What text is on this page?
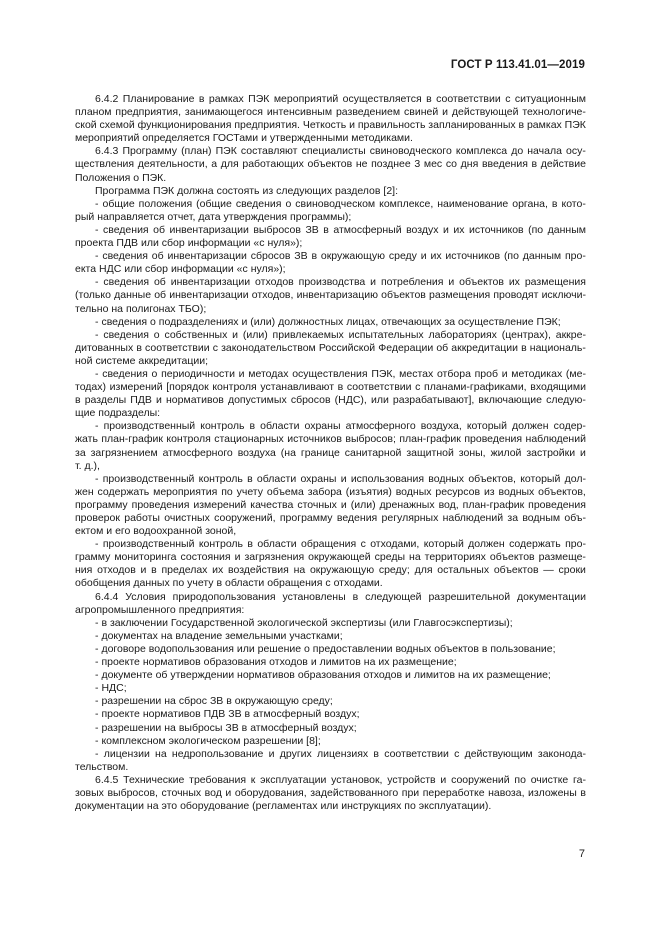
ГОСТ Р 113.41.01—2019
6.4.2 Планирование в рамках ПЭК мероприятий осуществляется в соответствии с ситуационным
планом предприятия, занимающегося интенсивным разведением свиней и действующей технологиче-
ской схемой функционирования предприятия. Четкость и правильность запланированных в рамках ПЭК
мероприятий определяется ГОСТами и утвержденными методиками.
6.4.3 Программу (план) ПЭК составляют специалисты свиноводческого комплекса до начала осу-
ществления деятельности, а для работающих объектов не позднее 3 мес со дня введения в действие
Положения о ПЭК.
Программа ПЭК должна состоять из следующих разделов [2]:
- общие положения (общие сведения о свиноводческом комплексе, наименование органа, в кото-
рый направляется отчет, дата утверждения программы);
- сведения об инвентаризации выбросов ЗВ в атмосферный воздух и их источников (по данным
проекта ПДВ или сбор информации «с нуля»);
- сведения об инвентаризации сбросов ЗВ в окружающую среду и их источников (по данным про-
екта НДС или сбор информации «с нуля»);
- сведения об инвентаризации отходов производства и потребления и объектов их размещения
(только данные об инвентаризации отходов, инвентаризацию объектов размещения проводят исключи-
тельно на полигонах ТБО);
- сведения о подразделениях и (или) должностных лицах, отвечающих за осуществление ПЭК;
- сведения о собственных и (или) привлекаемых испытательных лабораториях (центрах), аккре-
дитованных в соответствии с законодательством Российской Федерации об аккредитации в националь-
ной системе аккредитации;
- сведения о периодичности и методах осуществления ПЭК, местах отбора проб и методиках (ме-
тодах) измерений [порядок контроля устанавливают в соответствии с планами-графиками, входящими
в разделы ПДВ и нормативов допустимых сбросов (НДС), или разрабатывают], включающие следую-
щие подразделы:
- производственный контроль в области охраны атмосферного воздуха, который должен содер-
жать план-график контроля стационарных источников выбросов; план-график проведения наблюдений
за загрязнением атмосферного воздуха (на границе санитарной защитной зоны, жилой застройки и
т. д.),
- производственный контроль в области охраны и использования водных объектов, который дол-
жен содержать мероприятия по учету объема забора (изъятия) водных ресурсов из водных объектов,
программу проведения измерений качества сточных и (или) дренажных вод, план-график проведения
проверок работы очистных сооружений, программу ведения регулярных наблюдений за водным объ-
ектом и его водоохранной зоной,
- производственный контроль в области обращения с отходами, который должен содержать про-
грамму мониторинга состояния и загрязнения окружающей среды на территориях объектов размеще-
ния отходов и в пределах их воздействия на окружающую среду; для остальных объектов — сроки
обобщения данных по учету в области обращения с отходами.
6.4.4 Условия природопользования установлены в следующей разрешительной документации
агропромышленного предприятия:
- в заключении Государственной экологической экспертизы (или Главгосэкспертизы);
- документах на владение земельными участками;
- договоре водопользования или решение о предоставлении водных объектов в пользование;
- проекте нормативов образования отходов и лимитов на их размещение;
- документе об утверждении нормативов образования отходов и лимитов на их размещение;
- НДС;
- разрешении на сброс ЗВ в окружающую среду;
- проекте нормативов ПДВ ЗВ в атмосферный воздух;
- разрешении на выбросы ЗВ в атмосферный воздух;
- комплексном экологическом разрешении [8];
- лицензии на недропользование и других лицензиях в соответствии с действующим законода-
тельством.
6.4.5 Технические требования к эксплуатации установок, устройств и сооружений по очистке га-
зовых выбросов, сточных вод и оборудования, задействованного при переработке навоза, изложены в
документации на это оборудование (регламентах или инструкциях по эксплуатации).
7
